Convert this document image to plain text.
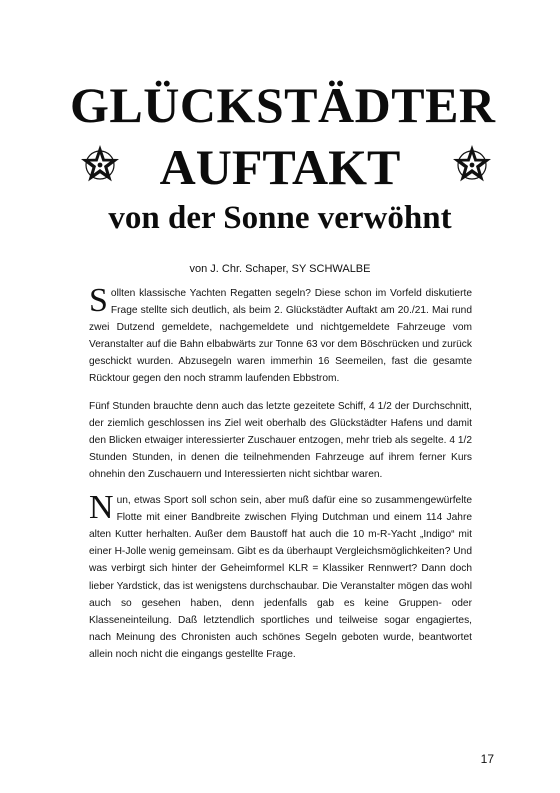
GLÜCKSTÄDTER
AUFTAKT
von der Sonne verwöhnt
von J. Chr. Schaper, SY SCHWALBE

Sollten klassische Yachten Regatten segeln? Diese schon im Vorfeld diskutierte Frage stellte sich deutlich, als beim 2. Glückstädter Auftakt am 20./21. Mai rund zwei Dutzend gemeldete, nachgemeldete und nichtgemeldete Fahrzeuge vom Veranstalter auf die Bahn elbabwärts zur Tonne 63 vor dem Böschrücken und zurück geschickt wurden. Abzusegeln waren immerhin 16 Seemeilen, fast die gesamte Rücktour gegen den noch stramm laufenden Ebbstrom.

Fünf Stunden brauchte denn auch das letzte gezeitete Schiff, 4 1/2 der Durchschnitt, der ziemlich geschlossen ins Ziel weit oberhalb des Glückstädter Hafens und damit den Blicken etwaiger interessierter Zuschauer entzogen, mehr trieb als segelte. 4 1/2 Stunden Stunden, in denen die teilnehmenden Fahrzeuge auf ihrem ferner Kurs ohnehin den Zuschauern und Interessierten nicht sichtbar waren.

Nun, etwas Sport soll schon sein, aber muß dafür eine so zusammengewürfelte Flotte mit einer Bandbreite zwischen Flying Dutchman und einem 114 Jahre alten Kutter herhalten. Außer dem Baustoff hat auch die 10 m-R-Yacht „Indigo“ mit einer H-Jolle wenig gemeinsam. Gibt es da überhaupt Vergleichsmöglichkeiten? Und was verbirgt sich hinter der Geheimformel KLR = Klassiker Rennwert? Dann doch lieber Yardstick, das ist wenigstens durchschaubar. Die Veranstalter mögen das wohl auch so gesehen haben, denn jedenfalls gab es keine Gruppen- oder Klasseneinteilung. Daß letztendlich sportliches und teilweise sogar engagiertes, nach Meinung des Chronisten auch schönes Segeln geboten wurde, beantwortet allein noch nicht die eingangs gestellte Frage.

17
